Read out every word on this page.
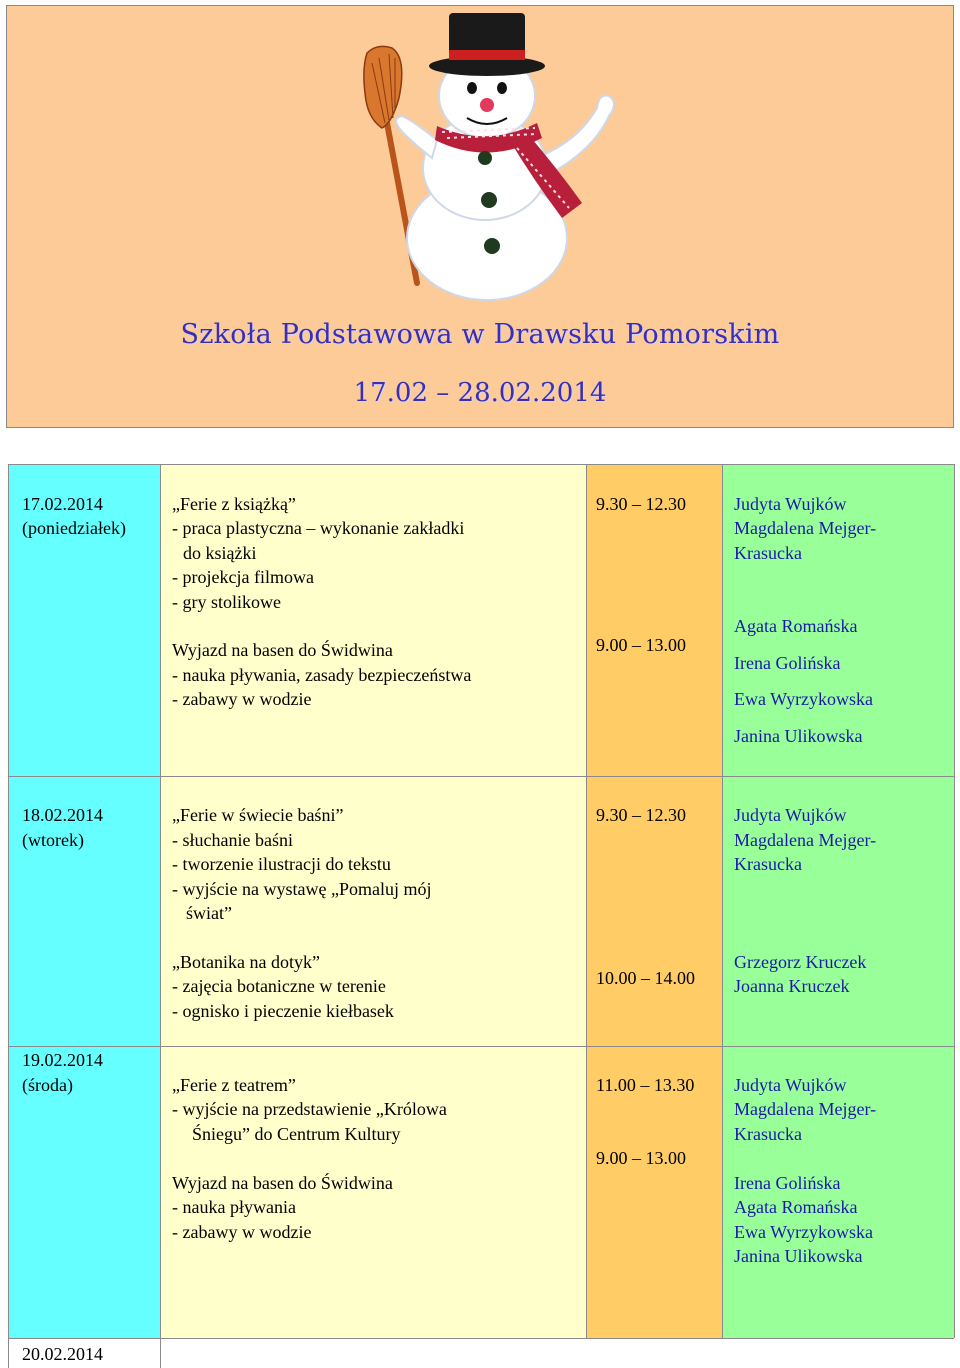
Szkoła Podstawowa w Drawsku Pomorskim
17.02 – 28.02.2014
17.02.2014
(poniedziałek)
„Ferie z książką”
- praca plastyczna – wykonanie zakładki
do książki
- projekcja filmowa
- gry stolikowe
Wyjazd na basen do Świdwina
- nauka pływania, zasady bezpieczeństwa
- zabawy w wodzie
9.30 – 12.30
9.00 – 13.00
Judyta Wujków
Magdalena Mejger-
Krasucka
Agata Romańska
Irena Golińska
Ewa Wyrzykowska
Janina Ulikowska
18.02.2014
(wtorek)
„Ferie w świecie baśni”
- słuchanie baśni
- tworzenie ilustracji do tekstu
- wyjście na wystawę „Pomaluj mój
świat”
„Botanika na dotyk”
- zajęcia botaniczne w terenie
- ognisko i pieczenie kiełbasek
9.30 – 12.30
10.00 – 14.00
Judyta Wujków
Magdalena Mejger-
Krasucka
Grzegorz Kruczek
Joanna Kruczek
19.02.2014
(środa)	„Ferie z teatrem”
- wyjście na przedstawienie „Królowa
Śniegu” do Centrum Kultury
Wyjazd na basen do Świdwina
- nauka pływania
- zabawy w wodzie
11.00 – 13.30
9.00 – 13.00
Judyta Wujków
Magdalena Mejger-
Krasucka
Irena Golińska
Agata Romańska
Ewa Wyrzykowska
Janina Ulikowska
20.02.2014
